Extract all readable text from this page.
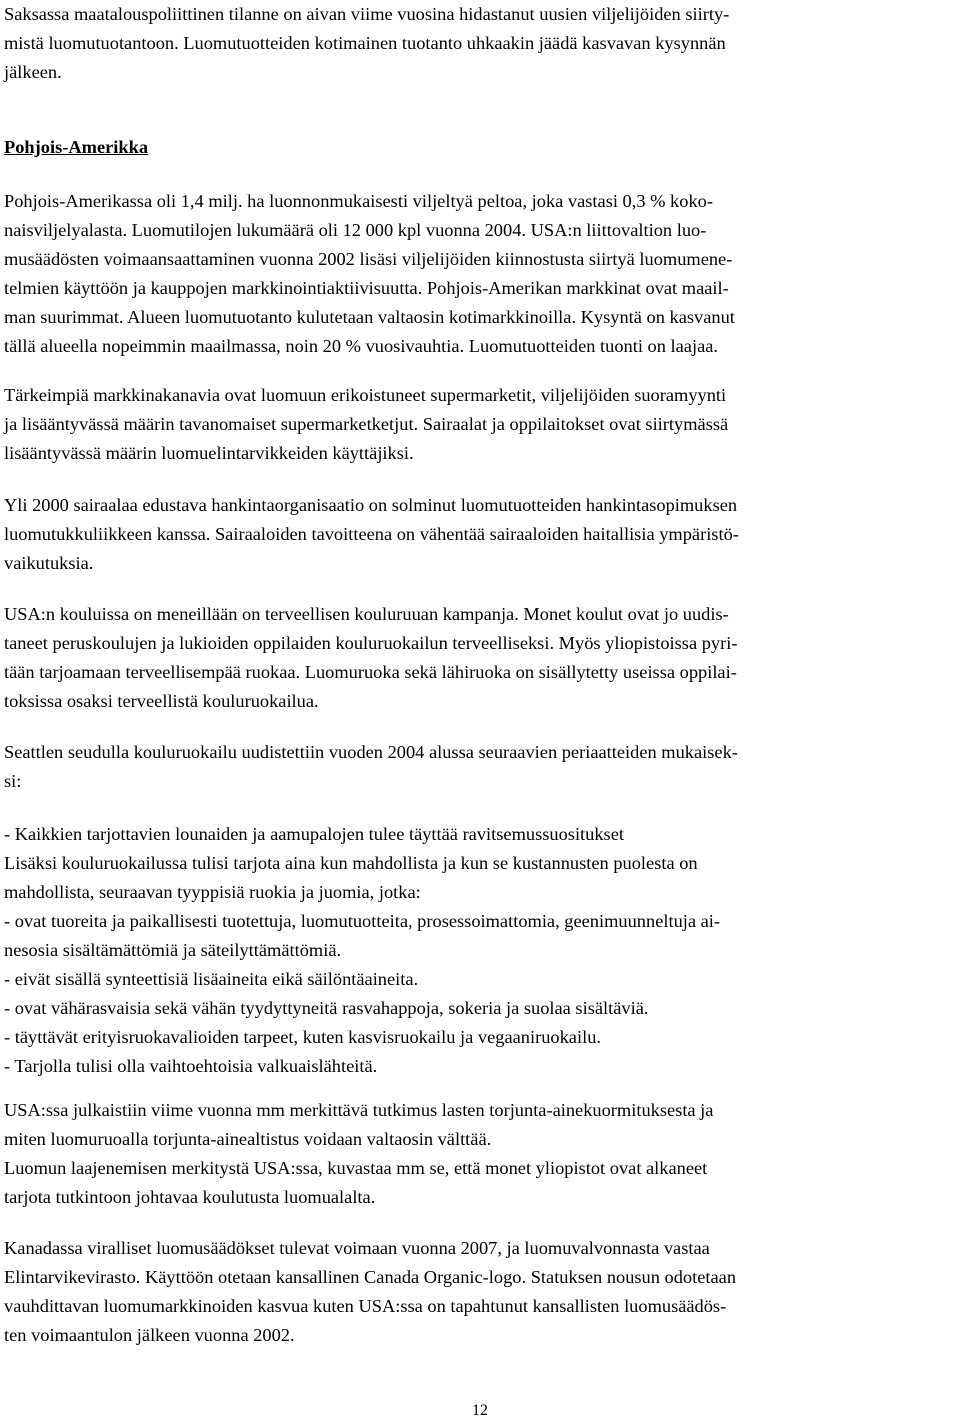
Saksassa maatalouspoliittinen tilanne on aivan viime vuosina hidastanut uusien viljelijöiden siirty-
mistä luomutuotantoon. Luomutuotteiden kotimainen tuotanto uhkaakin jäädä kasvavan kysynnän
jälkeen.
Pohjois-Amerikka
Pohjois-Amerikassa oli 1,4 milj. ha luonnonmukaisesti viljeltyä peltoa, joka vastasi 0,3 % koko-
naisviljelyalasta. Luomutilojen lukumäärä oli 12 000 kpl vuonna 2004. USA:n liittovaltion luo-
musäädösten voimaansaattaminen vuonna 2002 lisäsi viljelijöiden kiinnostusta siirtyä luomumene-
telmien käyttöön ja kauppojen markkinointiaktiivisuutta. Pohjois-Amerikan markkinat ovat maail-
man suurimmat. Alueen luomutuotanto kulutetaan valtaosin kotimarkkinoilla. Kysyntä on kasvanut
tällä alueella nopeimmin maailmassa, noin 20 % vuosivauhtia. Luomutuotteiden tuonti on laajaa.
Tärkeimpiä markkinakanavia ovat luomuun erikoistuneet supermarketit, viljelijöiden suoramyynti
ja lisääntyvässä määrin tavanomaiset supermarketketjut. Sairaalat ja oppilaitokset ovat siirtymässä
lisääntyvässä määrin luomuelintarvikkeiden käyttäjiksi.
Yli 2000 sairaalaa edustava hankintaorganisaatio on solminut luomutuotteiden hankintasopimuksen
luomutukkuliikkeen kanssa. Sairaaloiden tavoitteena on vähentää sairaaloiden haitallisia ympäristö-
vaikutuksia.
USA:n kouluissa on meneillään on terveellisen kouluruuan kampanja. Monet koulut ovat jo uudis-
taneet peruskoulujen ja lukioiden oppilaiden kouluruokailun terveelliseksi. Myös yliopistoissa pyri-
tään tarjoamaan terveellisempää ruokaa. Luomuruoka sekä lähiruoka on sisällytetty useissa oppilai-
toksissa osaksi terveellistä kouluruokailua.
Seattlen seudulla kouluruokailu uudistettiin vuoden 2004 alussa seuraavien periaatteiden mukaisek-
si:
- Kaikkien tarjottavien lounaiden ja aamupalojen tulee täyttää ravitsemussuositukset
Lisäksi kouluruokailussa tulisi tarjota aina kun mahdollista ja kun se kustannusten puolesta on
mahdollista, seuraavan tyyppisiä ruokia ja juomia, jotka:
- ovat tuoreita ja paikallisesti tuotettuja, luomutuotteita, prosessoimattomia, geenimuunneltuja ai-
nesosia sisältämättömiä ja säteilyttämättömiä.
- eivät sisällä synteettisiä lisäaineita eikä säilöntäaineita.
- ovat vähärasvaisia sekä vähän tyydyttyneitä rasvahappoja, sokeria ja suolaa sisältäviä.
- täyttävät erityisruokavalioiden tarpeet, kuten kasvisruokailu ja vegaaniruokailu.
- Tarjolla tulisi olla vaihtoehtoisia valkuaislähteitä.
USA:ssa julkaistiin viime vuonna mm merkittävä tutkimus lasten torjunta-ainekuormituksesta ja
miten luomuruoalla torjunta-ainealtistus voidaan valtaosin välttää.
Luomun laajenemisen merkitystä USA:ssa, kuvastaa mm se, että monet yliopistot ovat alkaneet
tarjota tutkintoon johtavaa koulutusta luomualalta.
Kanadassa viralliset luomusäädökset tulevat voimaan vuonna 2007, ja luomuvalvonnasta vastaa
Elintarvikevirasto. Käyttöön otetaan kansallinen Canada Organic-logo. Statuksen nousun odotetaan
vauhdittavan luomumarkkinoiden kasvua kuten USA:ssa on tapahtunut kansallisten luomusäädös-
ten voimaantulon jälkeen vuonna 2002.
12
